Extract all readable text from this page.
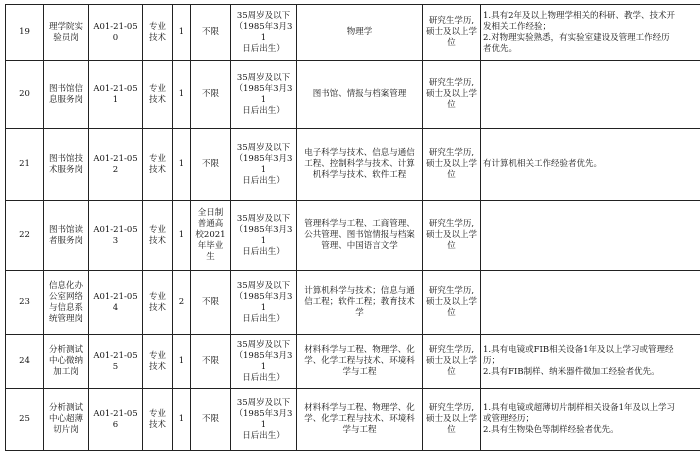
19	理学院实
验员岗	A01-21-050	专业
技术	1	不限	35周岁及以下
（1985年3月31
日后出生）	物理学	研究生学历,
硕士及以上学
位	1.具有2年及以上物理学相关的科研、教学、技术开
发相关工作经验；
2.对物理实验熟悉，有实验室建设及管理工作经历
者优先。

20	图书馆信
息服务岗	A01-21-051	专业
技术	1	不限	35周岁及以下
（1985年3月31
日后出生）	图书馆、情报与档案管理	研究生学历,
硕士及以上学
位	

21	图书馆技
术服务岗	A01-21-052	专业
技术	1	不限	35周岁及以下
（1985年3月31
日后出生）	电子科学与技术、信息与通信
工程、控制科学与技术、计算
机科学与技术、软件工程	研究生学历,
硕士及以上学
位	有计算机相关工作经验者优先。

22	图书馆读
者服务岗	A01-21-053	专业
技术	1	全日制
普通高
校2021
年毕业
生	35周岁及以下
（1985年3月31
日后出生）	管理科学与工程、工商管理、
公共管理、图书馆情报与档案
管理、中国语言文学	研究生学历,
硕士及以上学
位	

23	信息化办
公室网络
与信息系
统管理岗	A01-21-054	专业
技术	2	不限	35周岁及以下
（1985年3月31
日后出生）	计算机科学与技术；信息与通
信工程；软件工程；教育技术
学	研究生学历,
硕士及以上学
位	

24	分析测试
中心微纳
加工岗	A01-21-055	专业
技术	1	不限	35周岁及以下
（1985年3月31
日后出生）	材料科学与工程、物理学、化
学、化学工程与技术、环境科
学与工程	研究生学历,
硕士及以上学
位	1.具有电镜或FIB相关设备1年及以上学习或管理经
历；
2.具有FIB制样、纳米器件微加工经验者优先。

25	分析测试
中心超薄
切片岗	A01-21-056	专业
技术	1	不限	35周岁及以下
（1985年3月31
日后出生）	材料科学与工程、物理学、化
学、化学工程与技术、环境科
学与工程	研究生学历,
硕士及以上学
位	1.具有电镜或超薄切片制样相关设备1年及以上学习
或管理经历；
2.具有生物染色等制样经验者优先。
